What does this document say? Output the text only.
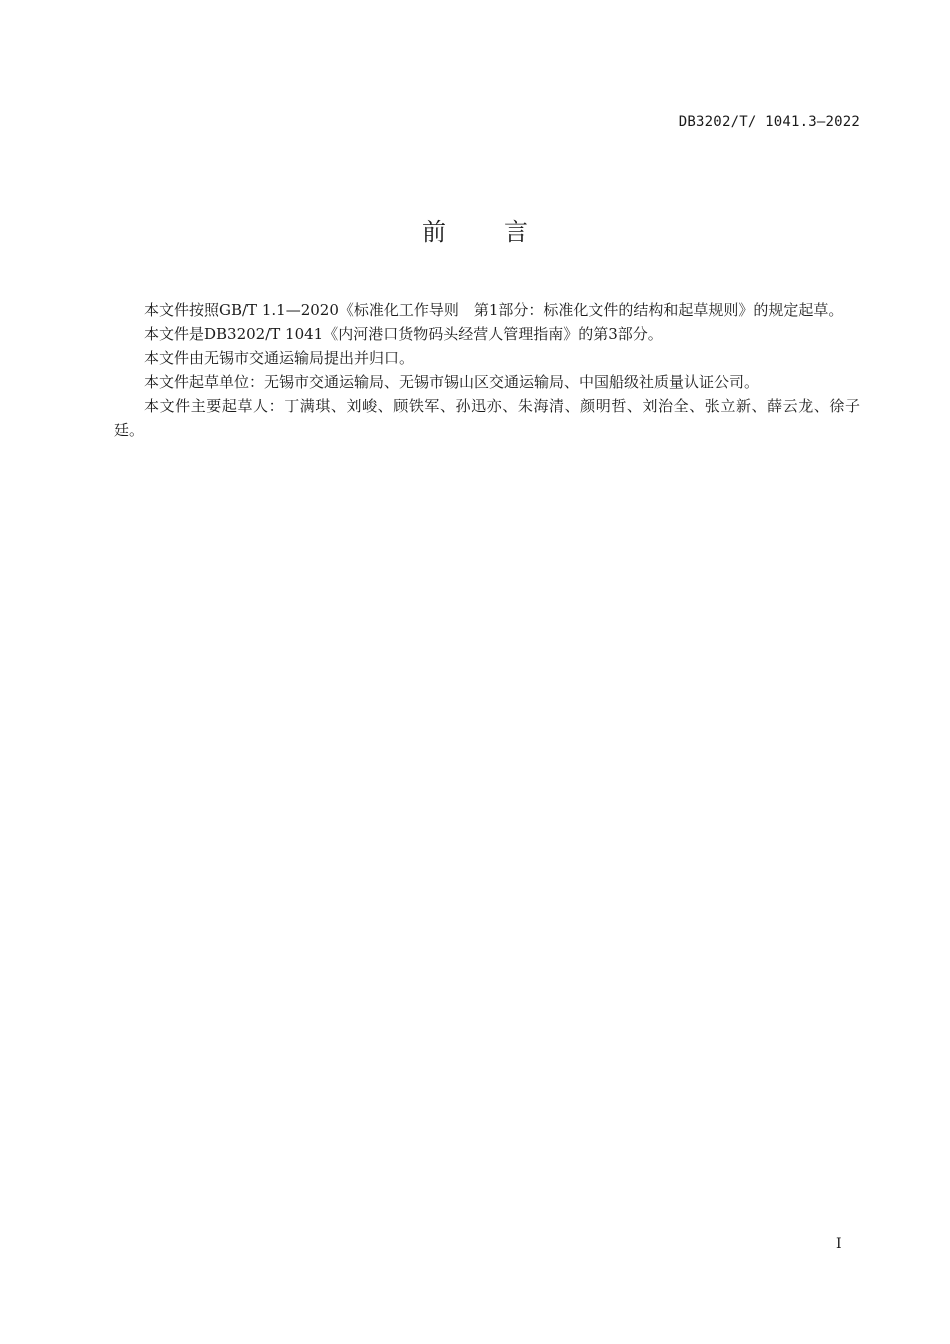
DB3202/T/ 1041.3—2022
前 言

本文件按照GB/T 1.1—2020《标准化工作导则　第1部分：标准化文件的结构和起草规则》的规定起草。

本文件是DB3202/T 1041《内河港口货物码头经营人管理指南》的第3部分。

本文件由无锡市交通运输局提出并归口。

本文件起草单位：无锡市交通运输局、无锡市锡山区交通运输局、中国船级社质量认证公司。

本文件主要起草人：丁满琪、刘峻、顾铁军、孙迅亦、朱海清、颜明哲、刘治全、张立新、薛云龙、徐子廷。

I
